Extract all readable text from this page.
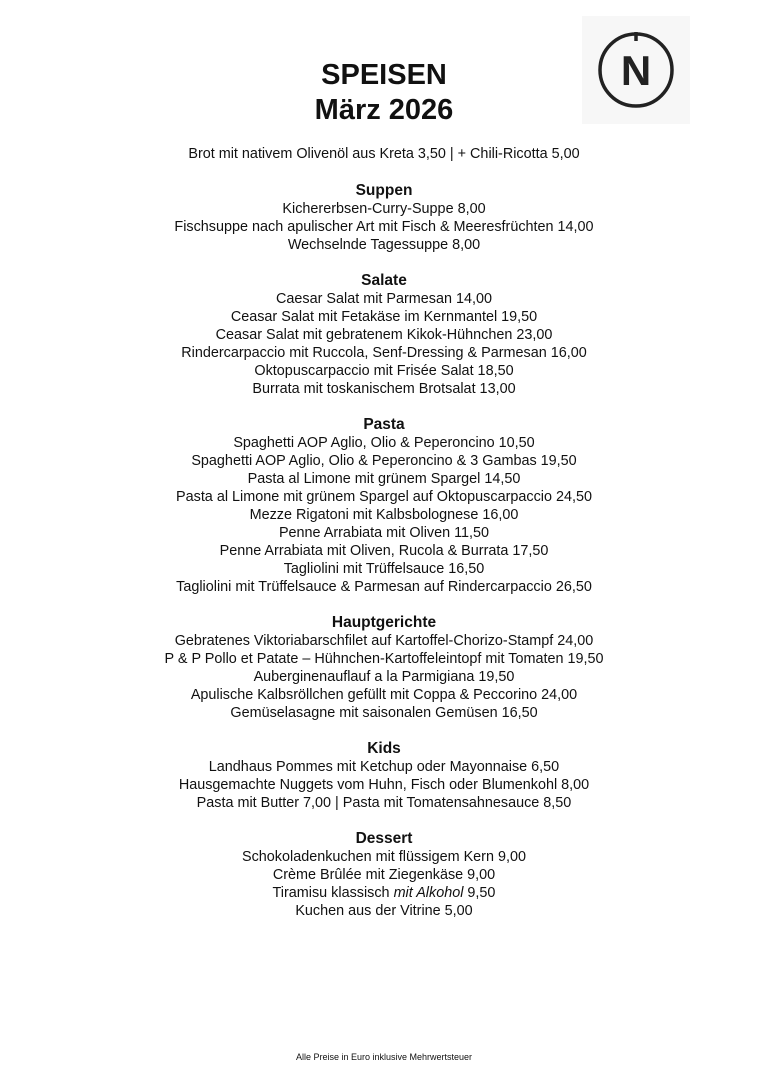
N
SPEISEN
März 2026
Brot mit nativem Olivenöl aus Kreta 3,50 | + Chili-Ricotta 5,00
Suppen
Kichererbsen-Curry-Suppe 8,00
Fischsuppe nach apulischer Art mit Fisch & Meeresfrüchten 14,00
Wechselnde Tagessuppe 8,00
Salate
Caesar Salat mit Parmesan 14,00
Ceasar Salat mit Fetakäse im Kernmantel 19,50
Ceasar Salat mit gebratenem Kikok-Hühnchen 23,00
Rindercarpaccio mit Ruccola, Senf-Dressing & Parmesan 16,00
Oktopuscarpaccio mit Frisée Salat 18,50
Burrata mit toskanischem Brotsalat 13,00
Pasta
Spaghetti AOP Aglio, Olio & Peperoncino 10,50
Spaghetti AOP Aglio, Olio & Peperoncino & 3 Gambas 19,50
Pasta al Limone mit grünem Spargel 14,50
Pasta al Limone mit grünem Spargel auf Oktopuscarpaccio 24,50
Mezze Rigatoni mit Kalbsbolognese 16,00
Penne Arrabiata mit Oliven 11,50
Penne Arrabiata mit Oliven, Rucola & Burrata 17,50
Tagliolini mit Trüffelsauce 16,50
Tagliolini mit Trüffelsauce & Parmesan auf Rindercarpaccio 26,50
Hauptgerichte
Gebratenes Viktoriabarschfilet auf Kartoffel-Chorizo-Stampf 24,00
P & P Pollo et Patate – Hühnchen-Kartoffeleintopf mit Tomaten 19,50
Auberginenauflauf a la Parmigiana 19,50
Apulische Kalbsröllchen gefüllt mit Coppa & Peccorino 24,00
Gemüselasagne mit saisonalen Gemüsen 16,50
Kids
Landhaus Pommes mit Ketchup oder Mayonnaise 6,50
Hausgemachte Nuggets vom Huhn, Fisch oder Blumenkohl 8,00
Pasta mit Butter 7,00 | Pasta mit Tomatensahnesauce 8,50
Dessert
Schokoladenkuchen mit flüssigem Kern 9,00
Crème Brûlée mit Ziegenkäse 9,00
Tiramisu klassisch mit Alkohol 9,50
Kuchen aus der Vitrine 5,00
Alle Preise in Euro inklusive Mehrwertsteuer
